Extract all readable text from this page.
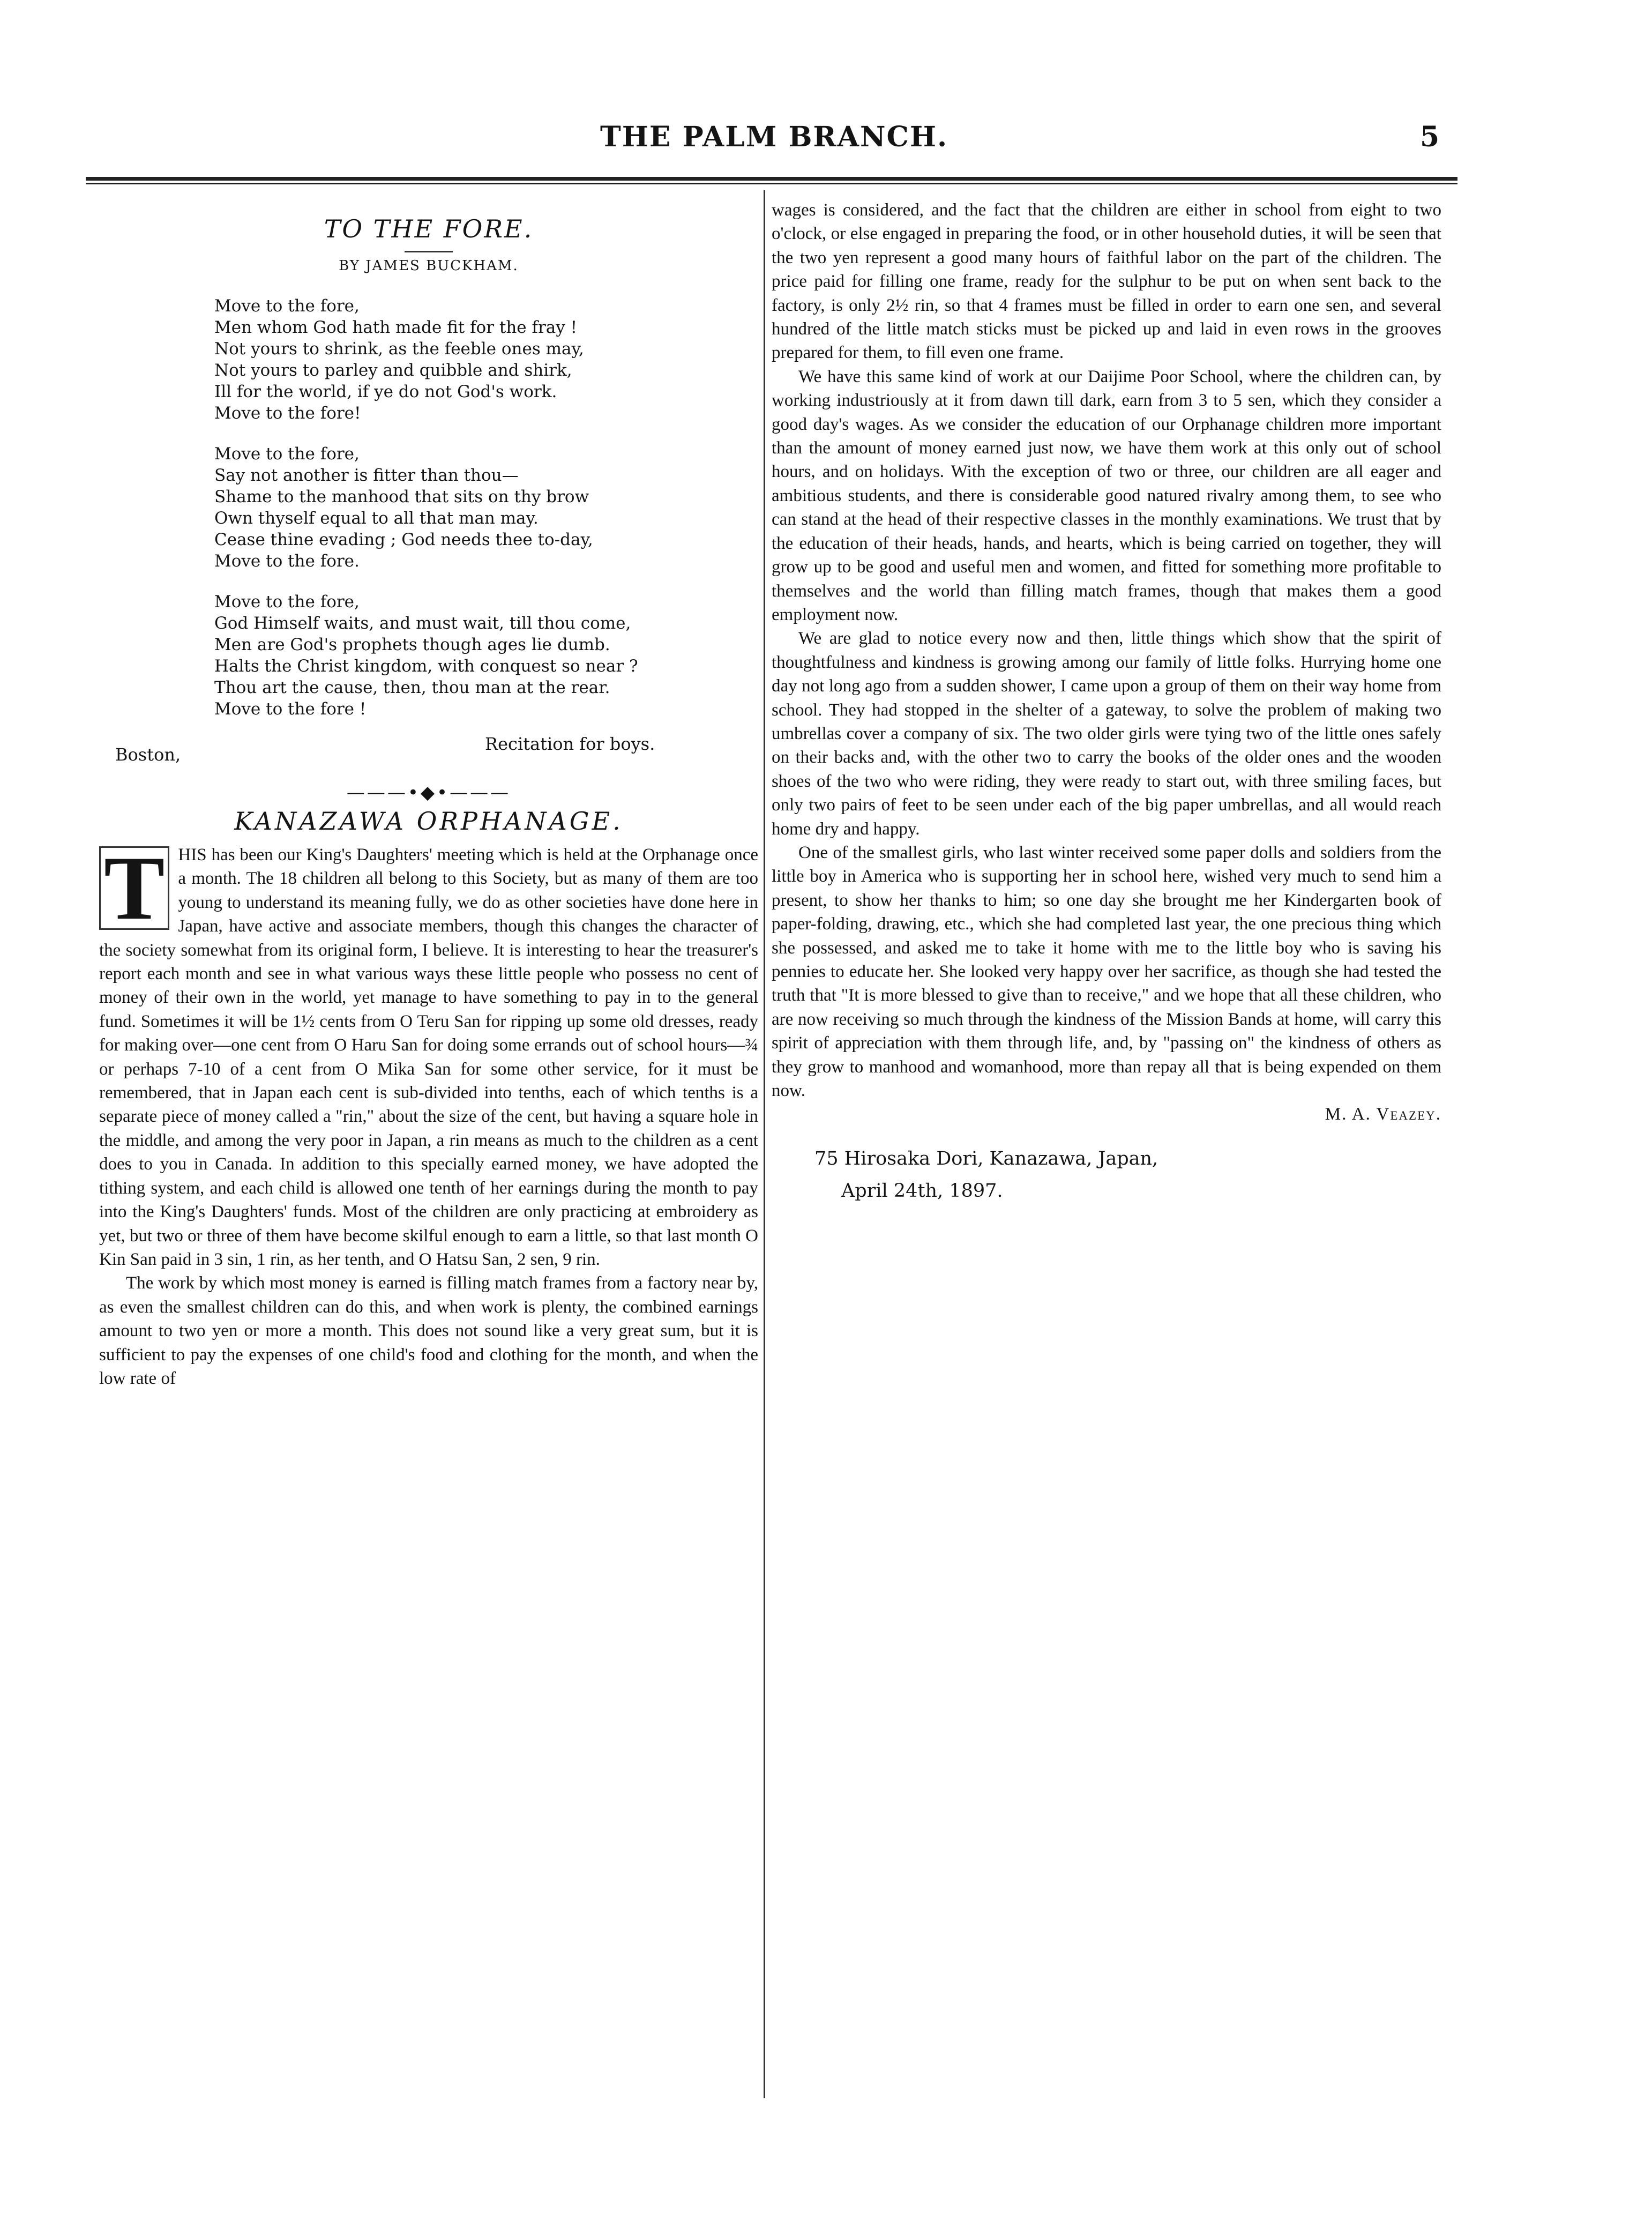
THE PALM BRANCH.	5
TO THE FORE.
BY JAMES BUCKHAM.
Move to the fore,
Men whom God hath made fit for the fray !
Not yours to shrink, as the feeble ones may,
Not yours to parley and quibble and shirk,
Ill for the world, if ye do not God's work.
Move to the fore!
Move to the fore,
Say not another is fitter than thou—
Shame to the manhood that sits on thy brow
Own thyself equal to all that man may.
Cease thine evading ; God needs thee to-day,
Move to the fore.
Move to the fore,
God Himself waits, and must wait, till thou come,
Men are God's prophets though ages lie dumb.
Halts the Christ kingdom, with conquest so near ?
Thou art the cause, then, thou man at the rear.
Move to the fore !
Boston,
Recitation for boys.
———•◆•———
KANAZAWA ORPHANAGE.

T HIS has been our King's Daughters' meeting which is held at the Orphanage once a month. The 18 children all belong to this Society, but as many of them are too young to understand its meaning fully, we do as other societies have done here in Japan, have active and associate members, though this changes the character of the society somewhat from its original form, I believe. It is interesting to hear the treasurer's report each month and see in what various ways these little people who possess no cent of money of their own in the world, yet manage to have something to pay in to the general fund. Sometimes it will be 1½ cents from O Teru San for ripping up some old dresses, ready for making over—one cent from O Haru San for doing some errands out of school hours—¾ or perhaps 7-10 of a cent from O Mika San for some other service, for it must be remembered, that in Japan each cent is sub-divided into tenths, each of which tenths is a separate piece of money called a "rin," about the size of the cent, but having a square hole in the middle, and among the very poor in Japan, a rin means as much to the children as a cent does to you in Canada. In addition to this specially earned money, we have adopted the tithing system, and each child is allowed one tenth of her earnings during the month to pay into the King's Daughters' funds. Most of the children are only practicing at embroidery as yet, but two or three of them have become skilful enough to earn a little, so that last month O Kin San paid in 3 sin, 1 rin, as her tenth, and O Hatsu San, 2 sen, 9 rin.

The work by which most money is earned is filling match frames from a factory near by, as even the smallest children can do this, and when work is plenty, the combined earnings amount to two yen or more a month. This does not sound like a very great sum, but it is sufficient to pay the expenses of one child's food and clothing for the month, and when the low rate of

wages is considered, and the fact that the children are either in school from eight to two o'clock, or else engaged in preparing the food, or in other household duties, it will be seen that the two yen represent a good many hours of faithful labor on the part of the children. The price paid for filling one frame, ready for the sulphur to be put on when sent back to the factory, is only 2½ rin, so that 4 frames must be filled in order to earn one sen, and several hundred of the little match sticks must be picked up and laid in even rows in the grooves prepared for them, to fill even one frame.

We have this same kind of work at our Daijime Poor School, where the children can, by working industriously at it from dawn till dark, earn from 3 to 5 sen, which they consider a good day's wages. As we consider the education of our Orphanage children more important than the amount of money earned just now, we have them work at this only out of school hours, and on holidays. With the exception of two or three, our children are all eager and ambitious students, and there is considerable good natured rivalry among them, to see who can stand at the head of their respective classes in the monthly examinations. We trust that by the education of their heads, hands, and hearts, which is being carried on together, they will grow up to be good and useful men and women, and fitted for something more profitable to themselves and the world than filling match frames, though that makes them a good employment now.

We are glad to notice every now and then, little things which show that the spirit of thoughtfulness and kindness is growing among our family of little folks. Hurrying home one day not long ago from a sudden shower, I came upon a group of them on their way home from school. They had stopped in the shelter of a gateway, to solve the problem of making two umbrellas cover a company of six. The two older girls were tying two of the little ones safely on their backs and, with the other two to carry the books of the older ones and the wooden shoes of the two who were riding, they were ready to start out, with three smiling faces, but only two pairs of feet to be seen under each of the big paper umbrellas, and all would reach home dry and happy.

One of the smallest girls, who last winter received some paper dolls and soldiers from the little boy in America who is supporting her in school here, wished very much to send him a present, to show her thanks to him; so one day she brought me her Kindergarten book of paper-folding, drawing, etc., which she had completed last year, the one precious thing which she possessed, and asked me to take it home with me to the little boy who is saving his pennies to educate her. She looked very happy over her sacrifice, as though she had tested the truth that "It is more blessed to give than to receive," and we hope that all these children, who are now receiving so much through the kindness of the Mission Bands at home, will carry this spirit of appreciation with them through life, and, by "passing on" the kindness of others as they grow to manhood and womanhood, more than repay all that is being expended on them now.
M. A. Veazey.

75 Hirosaka Dori, Kanazawa, Japan,
April 24th, 1897.
